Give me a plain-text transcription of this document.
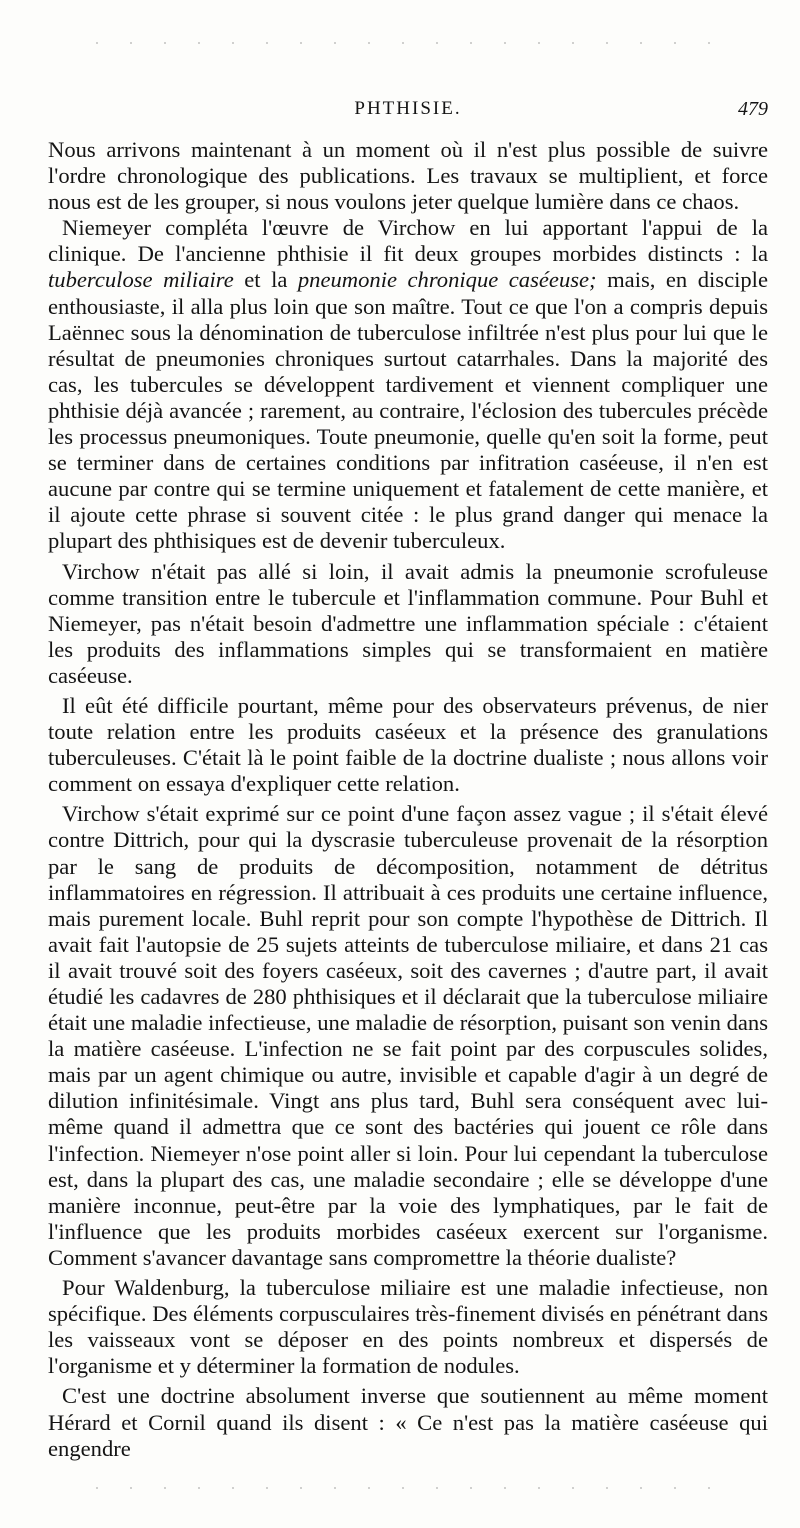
PHTHISIE.	479

Nous arrivons maintenant à un moment où il n'est plus possible de suivre l'ordre chronologique des publications. Les travaux se multiplient, et force nous est de les grouper, si nous voulons jeter quelque lumière dans ce chaos.

Niemeyer compléta l'œuvre de Virchow en lui apportant l'appui de la clinique. De l'ancienne phthisie il fit deux groupes morbides distincts : la tuberculose miliaire et la pneumonie chronique caséeuse; mais, en disciple enthousiaste, il alla plus loin que son maître. Tout ce que l'on a compris depuis Laënnec sous la dénomination de tuberculose infiltrée n'est plus pour lui que le résultat de pneumonies chroniques surtout catarrhales. Dans la majorité des cas, les tubercules se développent tardivement et viennent compliquer une phthisie déjà avancée ; rarement, au contraire, l'éclosion des tubercules précède les processus pneumoniques. Toute pneumonie, quelle qu'en soit la forme, peut se terminer dans de certaines conditions par infitration caséeuse, il n'en est aucune par contre qui se termine uniquement et fatalement de cette manière, et il ajoute cette phrase si souvent citée : le plus grand danger qui menace la plupart des phthisiques est de devenir tuberculeux.

Virchow n'était pas allé si loin, il avait admis la pneumonie scrofuleuse comme transition entre le tubercule et l'inflammation commune. Pour Buhl et Niemeyer, pas n'était besoin d'admettre une inflammation spéciale : c'étaient les produits des inflammations simples qui se transformaient en matière caséeuse.

Il eût été difficile pourtant, même pour des observateurs prévenus, de nier toute relation entre les produits caséeux et la présence des granulations tuberculeuses. C'était là le point faible de la doctrine dualiste ; nous allons voir comment on essaya d'expliquer cette relation.

Virchow s'était exprimé sur ce point d'une façon assez vague ; il s'était élevé contre Dittrich, pour qui la dyscrasie tuberculeuse provenait de la résorption par le sang de produits de décomposition, notamment de détritus inflammatoires en régression. Il attribuait à ces produits une certaine influence, mais purement locale. Buhl reprit pour son compte l'hypothèse de Dittrich. Il avait fait l'autopsie de 25 sujets atteints de tuberculose miliaire, et dans 21 cas il avait trouvé soit des foyers caséeux, soit des cavernes ; d'autre part, il avait étudié les cadavres de 280 phthisiques et il déclarait que la tuberculose miliaire était une maladie infectieuse, une maladie de résorption, puisant son venin dans la matière caséeuse. L'infection ne se fait point par des corpuscules solides, mais par un agent chimique ou autre, invisible et capable d'agir à un degré de dilution infinitésimale. Vingt ans plus tard, Buhl sera conséquent avec lui-même quand il admettra que ce sont des bactéries qui jouent ce rôle dans l'infection. Niemeyer n'ose point aller si loin. Pour lui cependant la tuberculose est, dans la plupart des cas, une maladie secondaire ; elle se développe d'une manière inconnue, peut-être par la voie des lymphatiques, par le fait de l'influence que les produits morbides caséeux exercent sur l'organisme. Comment s'avancer davantage sans compromettre la théorie dualiste?

Pour Waldenburg, la tuberculose miliaire est une maladie infectieuse, non spécifique. Des éléments corpusculaires très-finement divisés en pénétrant dans les vaisseaux vont se déposer en des points nombreux et dispersés de l'organisme et y déterminer la formation de nodules.

C'est une doctrine absolument inverse que soutiennent au même moment Hérard et Cornil quand ils disent : « Ce n'est pas la matière caséeuse qui engendre
